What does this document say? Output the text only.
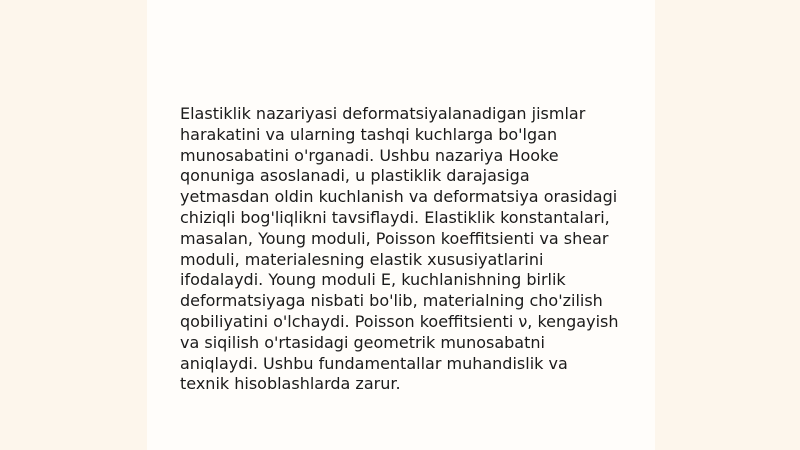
Elastiklik nazariyasi deformatsiyalanadigan jismlar harakatini va ularning tashqi kuchlarga bo'lgan munosabatini o'rganadi. Ushbu nazariya Hooke qonuniga asoslanadi, u plastiklik darajasiga yetmasdan oldin kuchlanish va deformatsiya orasidagi chiziqli bog'liqlikni tavsiflaydi. Elastiklik konstantalari, masalan, Young moduli, Poisson koeffitsienti va shear moduli, materialesning elastik xususiyatlarini ifodalaydi. Young moduli E, kuchlanishning birlik deformatsiyaga nisbati bo'lib, materialning cho'zilish qobiliyatini o'lchaydi. Poisson koeffitsienti ν, kengayish va siqilish o'rtasidagi geometrik munosabatni aniqlaydi. Ushbu fundamentallar muhandislik va texnik hisoblashlarda zarur.
